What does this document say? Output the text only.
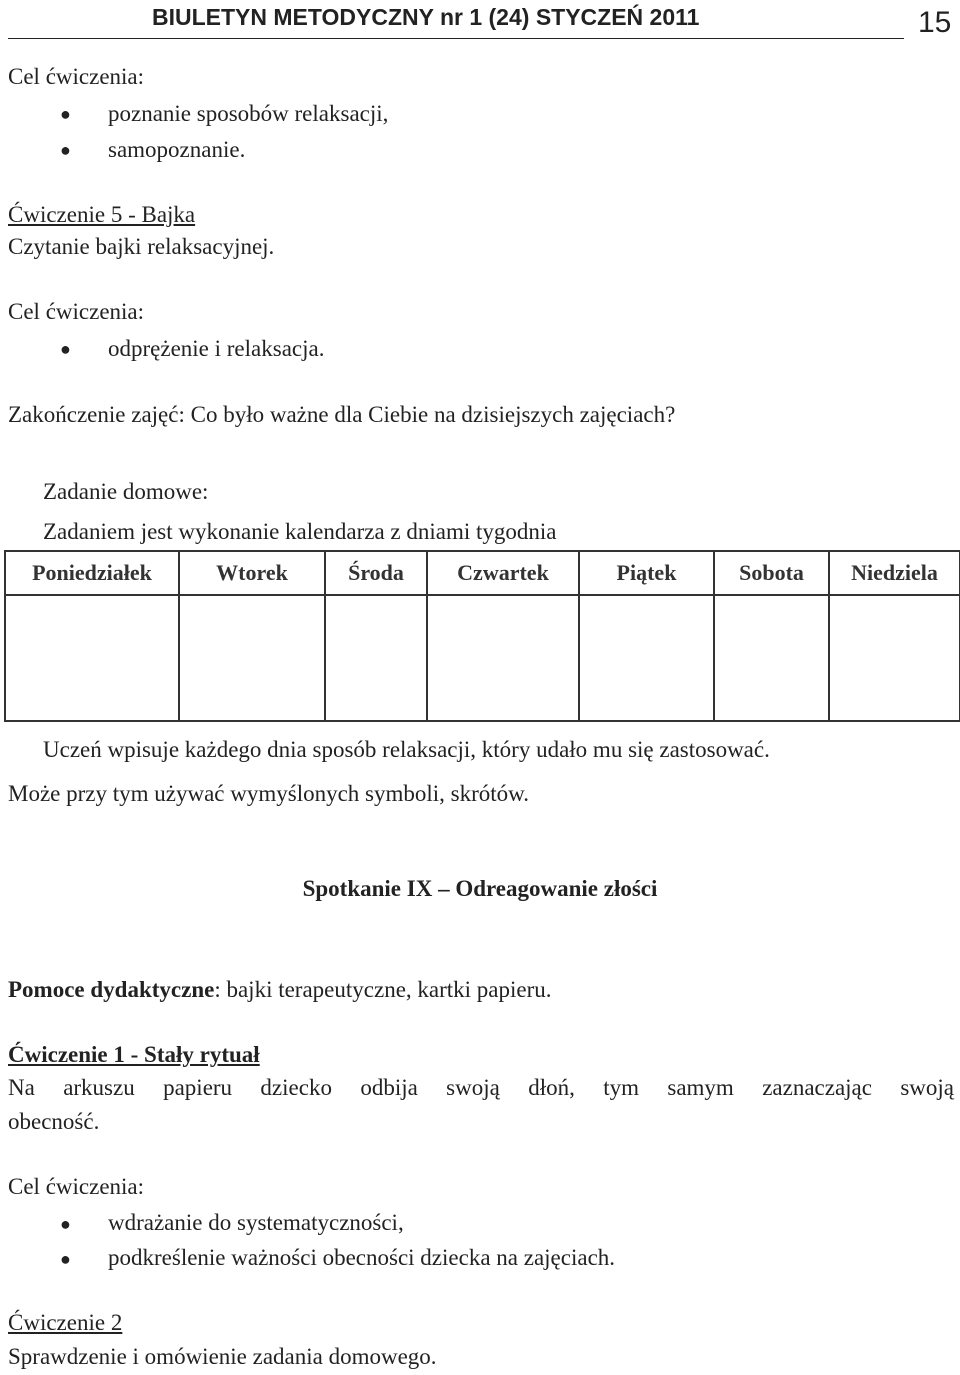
BIULETYN METODYCZNY nr 1 (24) STYCZEŃ 2011	15
Cel ćwiczenia:
● poznanie sposobów relaksacji,
● samopoznanie.
Ćwiczenie 5 - Bajka
Czytanie bajki relaksacyjnej.
Cel ćwiczenia:
● odprężenie i relaksacja.
Zakończenie zajęć: Co było ważne dla Ciebie na dzisiejszych zajęciach?
Zadanie domowe:
Zadaniem jest wykonanie kalendarza z dniami tygodnia
Poniedziałek	Wtorek	Środa	Czwartek	Piątek	Sobota	Niedziela

Uczeń wpisuje każdego dnia sposób relaksacji, który udało mu się zastosować.
Może przy tym używać wymyślonych symboli, skrótów.
Spotkanie IX – Odreagowanie złości
Pomoce dydaktyczne: bajki terapeutyczne, kartki papieru.
Ćwiczenie 1 - Stały rytuał
Na arkuszu papieru dziecko odbija swoją dłoń, tym samym zaznaczając swoją
obecność.
Cel ćwiczenia:
● wdrażanie do systematyczności,
● podkreślenie ważności obecności dziecka na zajęciach.
Ćwiczenie 2
Sprawdzenie i omówienie zadania domowego.
